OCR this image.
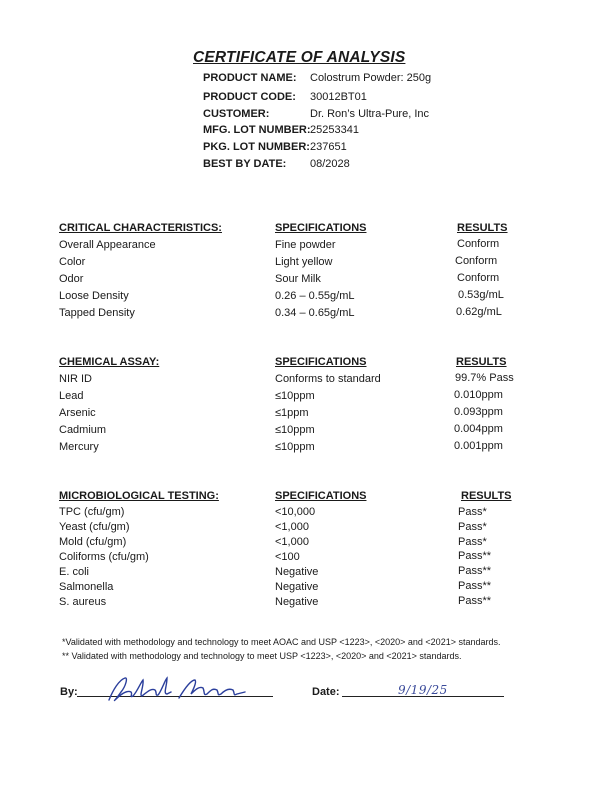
CERTIFICATE OF ANALYSIS
PRODUCT NAME: Colostrum Powder: 250g
PRODUCT CODE: 30012BT01
CUSTOMER:	Dr. Ron’s Ultra-Pure, Inc
MFG. LOT NUMBER: 25253341
PKG. LOT NUMBER: 237651
BEST BY DATE: 08/2028
CRITICAL CHARACTERISTICS:	SPECIFICATIONS	RESULTS
Overall Appearance	Fine powder	Conform
Color	Light yellow	Conform
Odor	Sour Milk	Conform
Loose Density	0.26 – 0.55g/mL	0.53g/mL
Tapped Density	0.34 – 0.65g/mL	0.62g/mL
CHEMICAL ASSAY:	SPECIFICATIONS	RESULTS
NIR ID	Conforms to standard	99.7% Pass
Lead	≤10ppm	0.010ppm
Arsenic	≤1ppm	0.093ppm
Cadmium	≤10ppm	0.004ppm
Mercury	≤10ppm	0.001ppm
MICROBIOLOGICAL TESTING:	SPECIFICATIONS	RESULTS
TPC (cfu/gm)	<10,000	Pass*
Yeast (cfu/gm)	<1,000	Pass*
Mold (cfu/gm)	<1,000	Pass*
Coliforms (cfu/gm)	<100	Pass**
E. coli	Negative	Pass**
Salmonella	Negative	Pass**
S. aureus	Negative	Pass**
*Validated with methodology and technology to meet AOAC and USP <1223>, <2020> and <2021> standards.
** Validated with methodology and technology to meet USP <1223>, <2020> and <2021> standards.
By:	Date:	9/19/25
